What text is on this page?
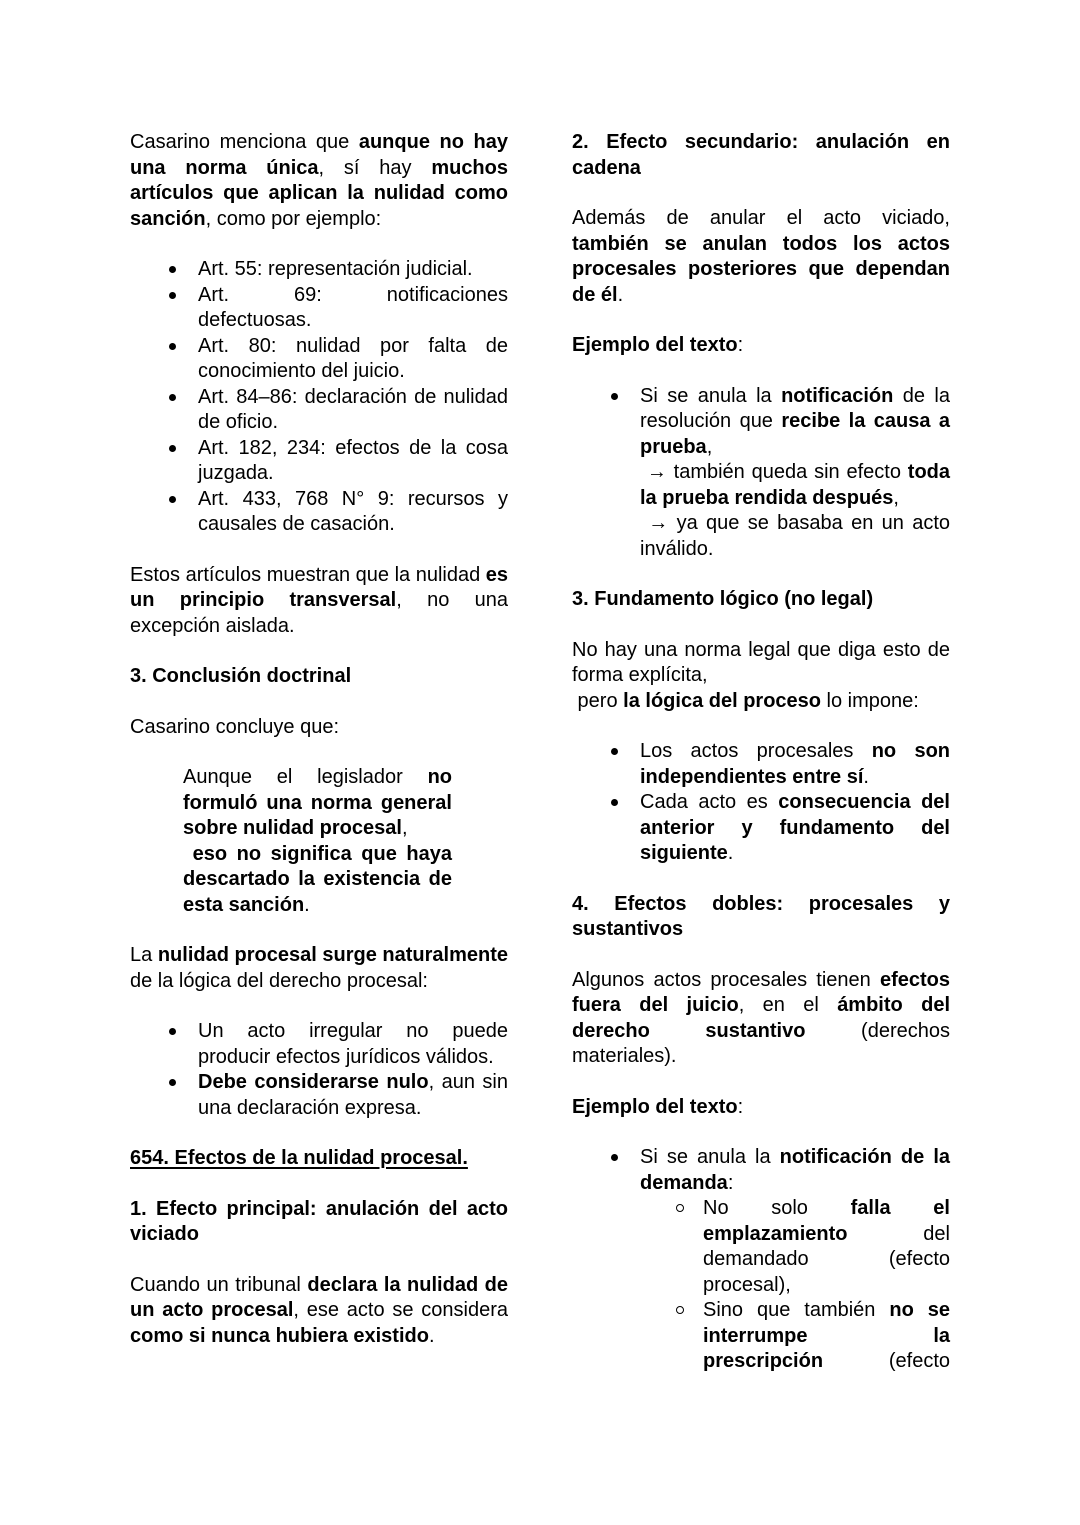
Casarino menciona que aunque no hay una norma única, sí hay muchos artículos que aplican la nulidad como sanción, como por ejemplo:
Art. 55: representación judicial.
Art. 69: notificaciones defectuosas.
Art. 80: nulidad por falta de conocimiento del juicio.
Art. 84–86: declaración de nulidad de oficio.
Art. 182, 234: efectos de la cosa juzgada.
Art. 433, 768 N° 9: recursos y causales de casación.
Estos artículos muestran que la nulidad es un principio transversal, no una excepción aislada.
3. Conclusión doctrinal
Casarino concluye que:
Aunque el legislador no formuló una norma general sobre nulidad procesal,
eso no significa que haya descartado la existencia de esta sanción.
La nulidad procesal surge naturalmente de la lógica del derecho procesal:
Un acto irregular no puede producir efectos jurídicos válidos.
Debe considerarse nulo, aun sin una declaración expresa.
654. Efectos de la nulidad procesal.
1. Efecto principal: anulación del acto viciado
Cuando un tribunal declara la nulidad de un acto procesal, ese acto se considera como si nunca hubiera existido.
2. Efecto secundario: anulación en cadena
Además de anular el acto viciado, también se anulan todos los actos procesales posteriores que dependan de él.
Ejemplo del texto:
Si se anula la notificación de la resolución que recibe la causa a prueba,
→ también queda sin efecto toda la prueba rendida después,
→ ya que se basaba en un acto inválido.
3. Fundamento lógico (no legal)
No hay una norma legal que diga esto de forma explícita,
pero la lógica del proceso lo impone:
Los actos procesales no son independientes entre sí.
Cada acto es consecuencia del anterior y fundamento del siguiente.
4. Efectos dobles: procesales y sustantivos
Algunos actos procesales tienen efectos fuera del juicio, en el ámbito del derecho sustantivo (derechos materiales).
Ejemplo del texto:
Si se anula la notificación de la demanda:
No solo falla el emplazamiento del demandado (efecto procesal),
Sino que también no se interrumpe la prescripción (efecto
